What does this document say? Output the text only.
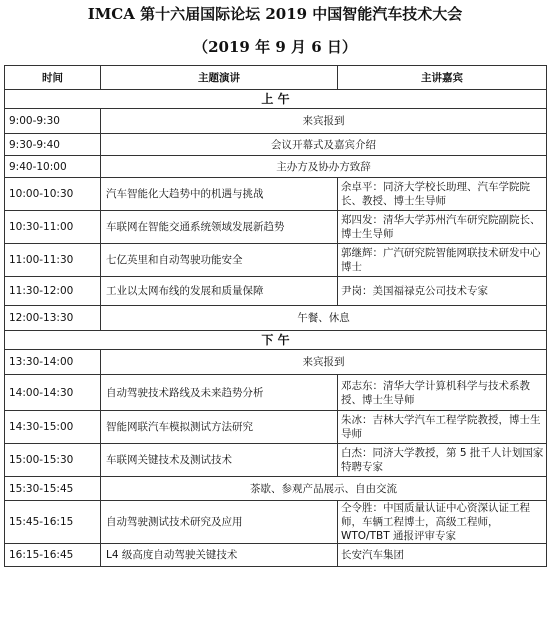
IMCA 第十六届国际论坛 2019 中国智能汽车技术大会
（2019 年 9 月 6 日）
时间	主题演讲	主讲嘉宾
上 午		
9:00-9:30	来宾报到	
9:30-9:40	会议开幕式及嘉宾介绍	
9:40-10:00	主办方及协办方致辞	
10:00-10:30	汽车智能化大趋势中的机遇与挑战	余卓平：同济大学校长助理、汽车学院院长、教授、博士生导师
10:30-11:00	车联网在智能交通系统领域发展新趋势	郑四发：清华大学苏州汽车研究院副院长、博士生导师
11:00-11:30	七亿英里和自动驾驶功能安全	郭继辉：广汽研究院智能网联技术研发中心博士
11:30-12:00	工业以太网布线的发展和质量保障	尹岗：美国福禄克公司技术专家
12:00-13:30	午餐、休息	
下 午		
13:30-14:00	来宾报到	
14:00-14:30	自动驾驶技术路线及未来趋势分析	邓志东：清华大学计算机科学与技术系教授、博士生导师
14:30-15:00	智能网联汽车模拟测试方法研究	朱冰：吉林大学汽车工程学院教授，博士生导师
15:00-15:30	车联网关键技术及测试技术	白杰：同济大学教授，第 5 批千人计划国家特聘专家
15:30-15:45	茶歇、参观产品展示、自由交流	
15:45-16:15	自动驾驶测试技术研究及应用	仝令胜：中国质量认证中心资深认证工程师，车辆工程博士，高级工程师，WTO/TBT 通报评审专家
16:15-16:45	L4 级高度自动驾驶关键技术	长安汽车集团
